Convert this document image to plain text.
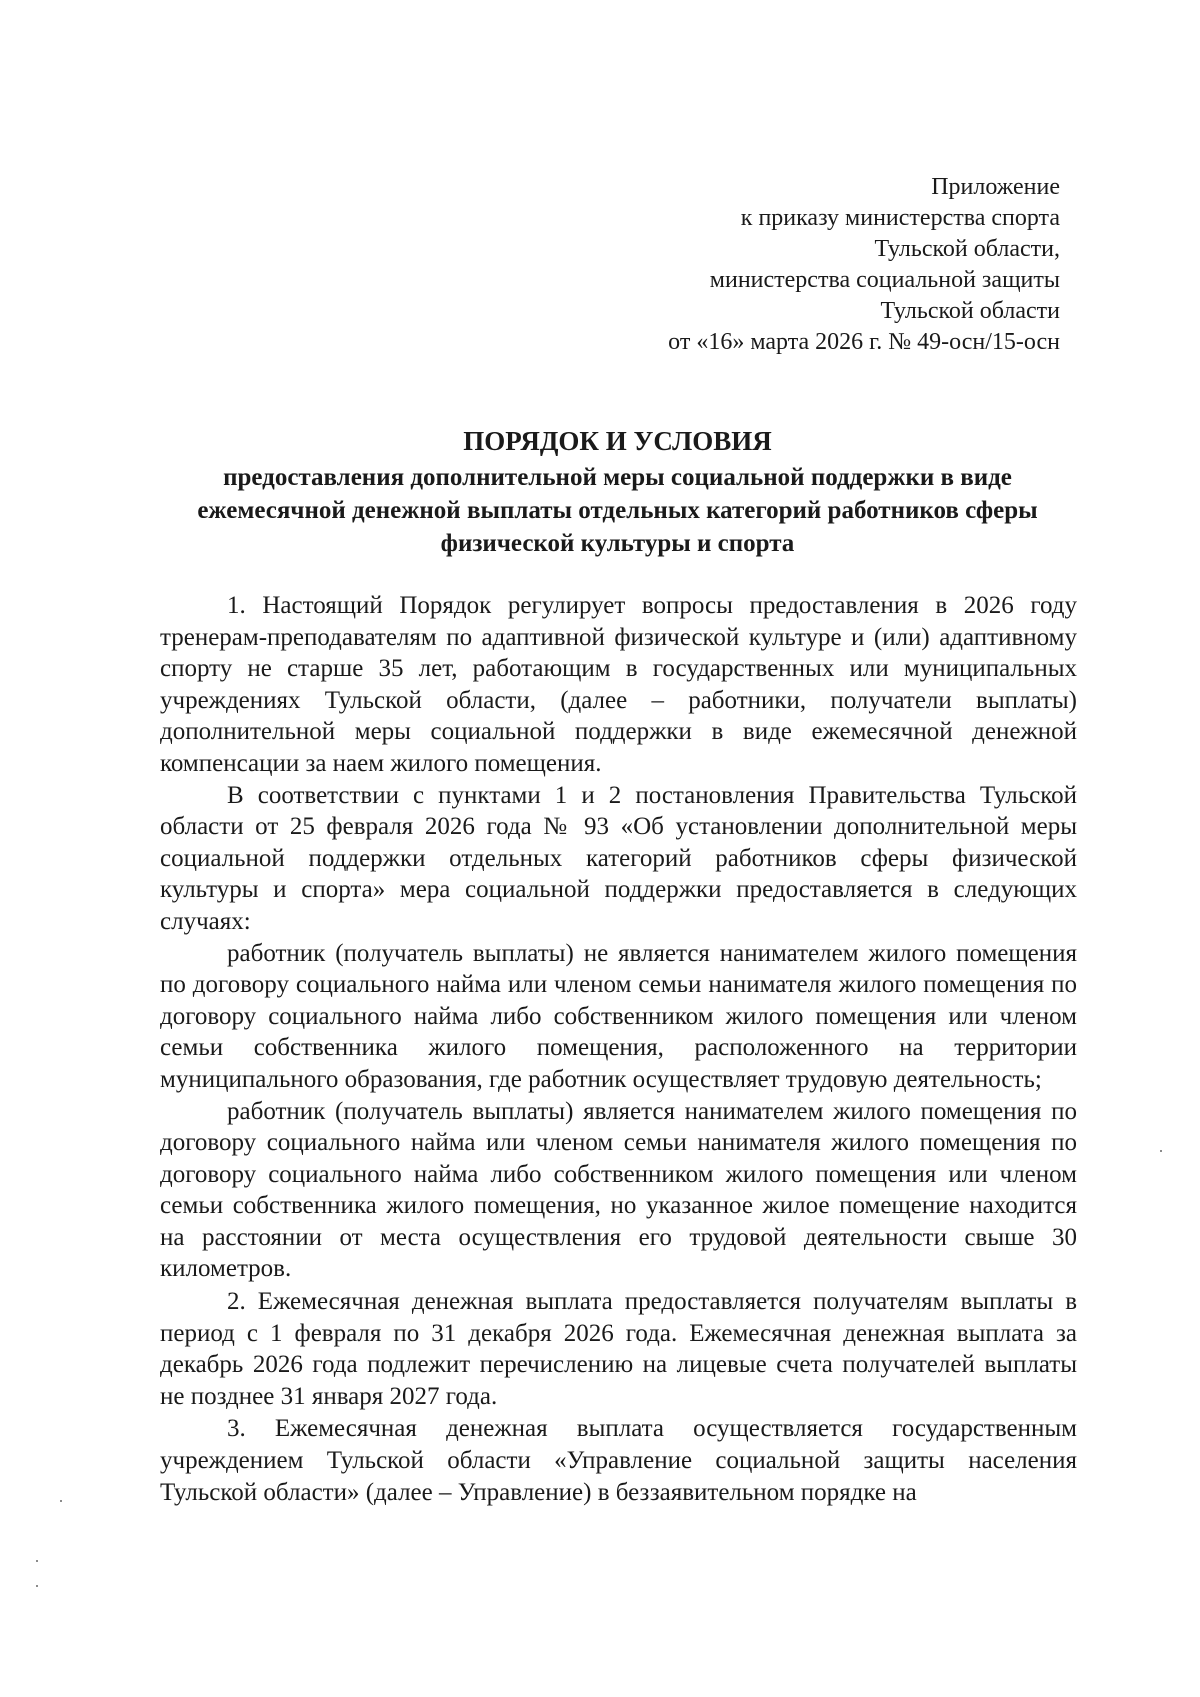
Приложение
к приказу министерства спорта
Тульской области,
министерства социальной защиты
Тульской области
от «16» марта 2026 г. № 49-осн/15-осн
ПОРЯДОК И УСЛОВИЯ
предоставления дополнительной меры социальной поддержки в виде
ежемесячной денежной выплаты отдельных категорий работников сферы
физической культуры и спорта

1. Настоящий Порядок регулирует вопросы предоставления в 2026 году тренерам-преподавателям по адаптивной физической культуре и (или) адаптивному спорту не старше 35 лет, работающим в государственных или муниципальных учреждениях Тульской области, (далее – работники, получатели выплаты) дополнительной меры социальной поддержки в виде ежемесячной денежной компенсации за наем жилого помещения.

В соответствии с пунктами 1 и 2 постановления Правительства Тульской области от 25 февраля 2026 года № 93 «Об установлении дополнительной меры социальной поддержки отдельных категорий работников сферы физической культуры и спорта» мера социальной поддержки предоставляется в следующих случаях:

работник (получатель выплаты) не является нанимателем жилого помещения по договору социального найма или членом семьи нанимателя жилого помещения по договору социального найма либо собственником жилого помещения или членом семьи собственника жилого помещения, расположенного на территории муниципального образования, где работник осуществляет трудовую деятельность;

работник (получатель выплаты) является нанимателем жилого помещения по договору социального найма или членом семьи нанимателя жилого помещения по договору социального найма либо собственником жилого помещения или членом семьи собственника жилого помещения, но указанное жилое помещение находится на расстоянии от места осуществления его трудовой деятельности свыше 30 километров.

2. Ежемесячная денежная выплата предоставляется получателям выплаты в период с 1 февраля по 31 декабря 2026 года. Ежемесячная денежная выплата за декабрь 2026 года подлежит перечислению на лицевые счета получателей выплаты не позднее 31 января 2027 года.

3. Ежемесячная денежная выплата осуществляется государственным учреждением Тульской области «Управление социальной защиты населения Тульской области» (далее – Управление) в беззаявительном порядке на
